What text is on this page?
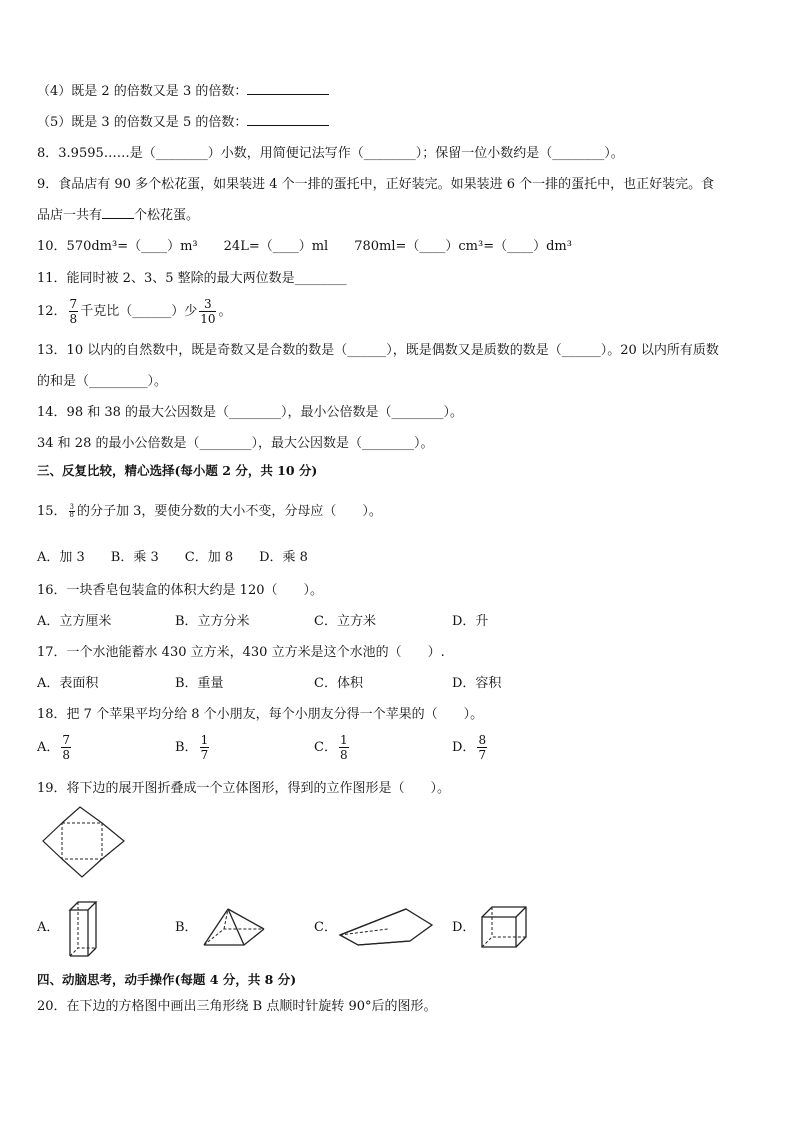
（4）既是 2 的倍数又是 3 的倍数：
（5）既是 3 的倍数又是 5 的倍数：
8．3.9595……是（________）小数，用简便记法写作（________）；保留一位小数约是（________）。
9．食品店有 90 多个松花蛋，如果装进 4 个一排的蛋托中，正好装完。如果装进 6 个一排的蛋托中，也正好装完。食
品店一共有 个松花蛋。
10．570dm³=（____）m³　　24L=（____）ml　　780ml=（____）cm³=（____）dm³
11．能同时被 2、3、5 整除的最大两位数是________
12． $\frac{7}{8}$ 千克比（______）少 $\frac{3}{10}$ 。
13．10 以内的自然数中，既是奇数又是合数的数是（______），既是偶数又是质数的数是（______）。20 以内所有质数
的和是（_________）。
14．98 和 38 的最大公因数是（________），最小公倍数是（________）。
34 和 28 的最小公倍数是（________），最大公因数是（________）。
三、反复比较，精心选择(每小题 2 分，共 10 分)
15． $\frac{3}{8}$ 的分子加 3，要使分数的大小不变，分母应（　　）。
A．加 3　　B．乘 3　　C．加 8　　D．乘 8
16．一块香皂包装盒的体积大约是 120（　　）。
A．立方厘米	B．立方分米	C．立方米	D．升
17．一个水池能蓄水 430 立方米，430 立方米是这个水池的（　　）.
A．表面积	B．重量	C．体积	D．容积
18．把 7 个苹果平均分给 8 个小朋友，每个小朋友分得一个苹果的（　　）。
A． $\frac{7}{8}$	B． $\frac{1}{7}$	C． $\frac{1}{8}$	D． $\frac{8}{7}$
19．将下边的展开图折叠成一个立体图形，得到的立作图形是（　　）。
A．	B．	C．	D．
四、动脑思考，动手操作(每题 4 分，共 8 分)
20．在下边的方格图中画出三角形绕 B 点顺时针旋转 90°后的图形。
